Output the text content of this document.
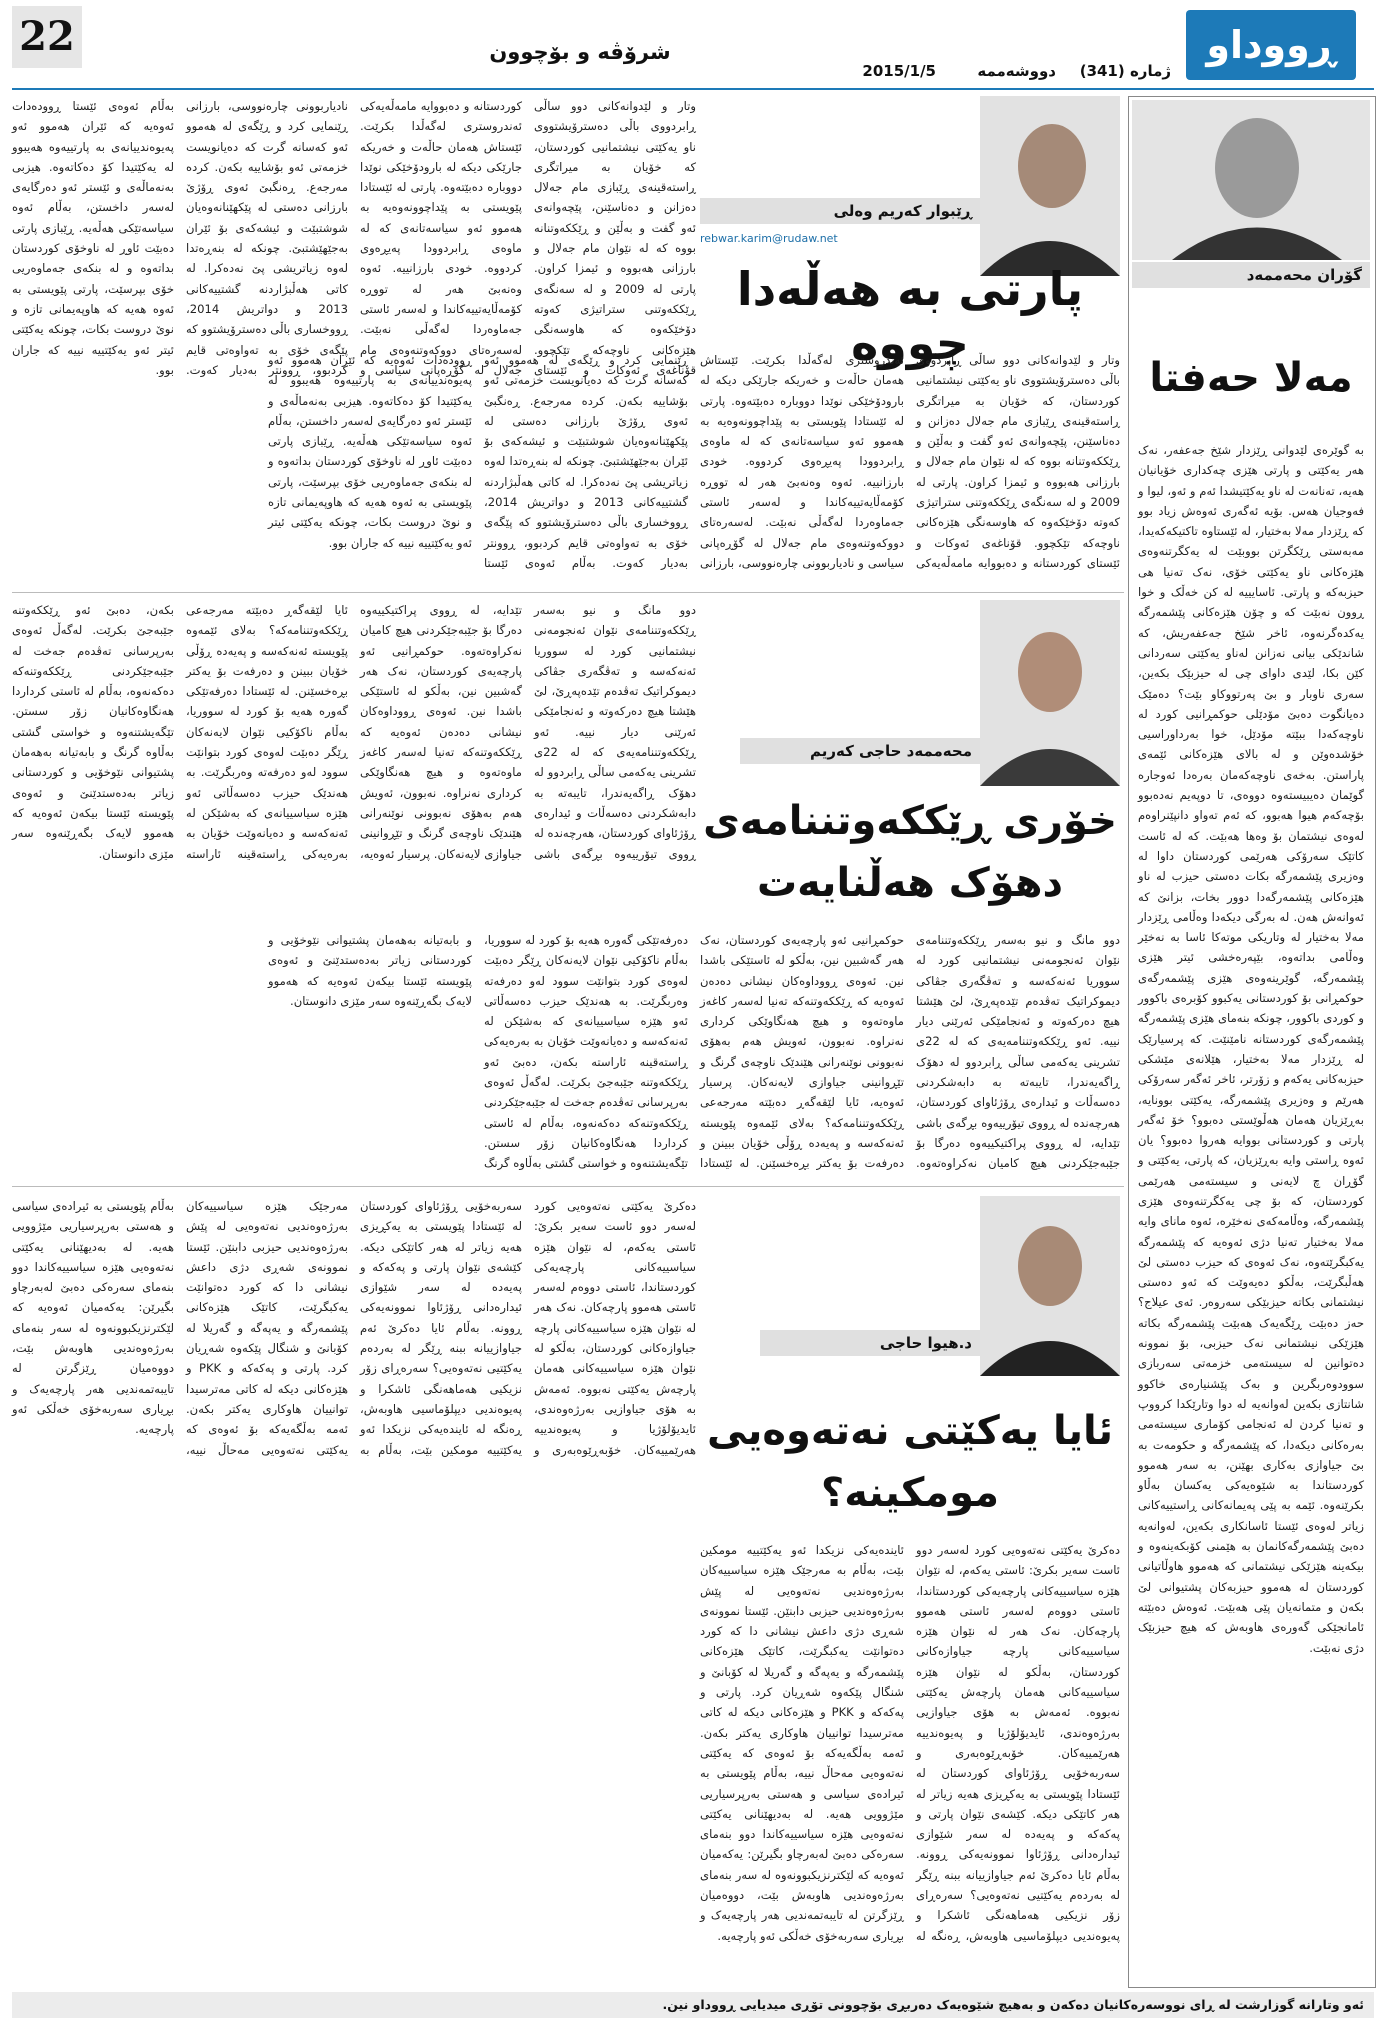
22	شرۆڤە و بۆچوون	ڕووداو
ژمارە (341)
دووشەممە
2015/1/5
گۆران محەممەد
مەلا حەفتا
بە گوێرەی لێدوانی ڕێزدار شێخ جەعفەر، نەک هەر یەکێتی و پارتی هێزی چەکداری خۆیانیان هەیە، تەنانەت لە ناو یەکێتیشدا ئەم و ئەو، لیوا و فەوجیان هەس. بۆیە ئەگەری ئەوەش زیاد بوو کە ڕێزدار مەلا بەختیار، لە ئێستاوە تاکتیکەکەیدا، مەبەستی ڕێکگرتن بووبێت لە یەکگرتنەوەی هێزەکانی ناو یەکێتی خۆی، نەک تەنیا هی حیزبەکە و پارتی. ئاسایییە لە کن خەڵک و خوا ڕوون نەبێت کە و چۆن هێزەکانی پێشمەرگە یەکدەگرنەوە، ئاخر شێخ جەعفەریش، کە شاندێکی بیانی نەزانن لەناو یەکێتی سەردانی کێن بکا، لێدی داوای چی لە حیزبێک بکەین، سەری ناوبار و بێ پەرتووکاو بێت؟ دەمێک دەیانگوت دەبێ مۆدێلی حوکمڕانیی کورد لە ناوچەکەدا ببێتە مۆدێل، خوا بەرداوراسیی خۆشدەوێن و لە بالای هێزەکانی ئێمەی پاراستن. بەخەی ناوچەکەمان بەرەدا ئەوجارە گوێمان دەیبیستەوە دووەی، تا دوپەیم نەدەبوو بۆچەکەم هیوا هەبوو، کە ئەم تەواو دانپێنراوەم لەوەی نیشتمان بۆ وەها هەبێت. کە لە ئاست کاتێک سەرۆکی هەرێمی کوردستان داوا لە وەزیری پێشمەرگە بکات دەستی حیزب لە ناو هێزەکانی پێشمەرگەدا دوور بخات، بزانێ کە ئەوانەش هەن. لە بەرگی دیکەدا وەڵامی ڕێزدار مەلا بەختیار لە وتاریکی موتەکا ئاسا بە نەخێر وەڵامی بداتەوە، بێپەرەخشی ئیتر هێزی پێشمەرگە، گوێرینەوەی هێزی پێشمەرگەی حوکمڕانی بۆ کوردستانی یەکبوو کۆبرەی باکوور و کوردی باکوور، چونکە بنەمای هێزی پێشمەرگە پێشمەرگەی کوردستانە نامێنێت. کە پرسیارێک لە ڕێزدار مەلا بەختیار، هێلانەی مێشکی حیزبەکانی یەکەم و زۆرتر، ئاخر ئەگەر سەرۆکی هەرێم و وەزیری پێشمەرگە، یەکێتی بوونایە، بەڕێزیان هەمان هەڵوێستی دەبوو؟ خۆ ئەگەر پارتی و کوردستانی بووایە هەروا دەبوو؟ یان ئەوە ڕاستی وایە بەڕێزیان، کە پارتی، یەکێتی و گۆڕان چ لایەنی و سیستەمی هەرێمی کوردستان، کە بۆ چی یەکگرتنەوەی هێزی پێشمەرگە، وەڵامەکەی نەخێرە، ئەوە مانای وایە مەلا بەختیار تەنیا دژی ئەوەیە کە پێشمەرگە یەکبگرێتەوە، نەک ئەوەی کە حیزب دەستی لێ هەڵبگرێت، بەڵکو دەیەوێت کە ئەو دەستی نیشتمانی بکاتە حیزبێکی سەروەر. ئەی عیلاج؟ حەز دەبێت ڕێگەیەک هەبێت پێشمەرگە بکاتە هێزێکی نیشتمانی نەک حیزبی، بۆ نموونە دەتوانین لە سیستەمی خزمەتی سەربازی سوودوەربگرین و بەک پێشنیارەی خاکوو شانتازی بکەین لەوانەیە لە دوا وتارێکدا کرووپ و تەنیا کردن لە ئەنجامی کۆماری سیستەمی بەرەکانی دیکەدا، کە پێشمەرگە و حکومەت بە بێ جیاوازی بەکاری بهێنن، بە سەر هەموو کوردستاندا بە شێوەیەکی یەکسان بەڵاو بکرێنەوە. ئێمە بە پێی پەیمانەکانی ڕاستییەکانی زیاتر لەوەی ئێستا ئاسانکاری بکەین، لەوانەیە دەبێ پێشمەرگەکانمان بە هێمنی کۆبکەینەوە و بیکەینە هێزێکی نیشتمانی کە هەموو هاوڵاتیانی کوردستان لە هەموو حیزبەکان پشتیوانی لێ بکەن و متمانەیان پێی هەبێت. ئەوەش دەبێتە ئامانجێکی گەورەی هاوبەش کە هیچ حیزبێک دژی نەبێت.
ڕێبوار کەریم وەلی
rebwar.karim@rudaw.net
پارتی بە هەڵەدا چووە
وتار و لێدوانەکانی دوو ساڵی ڕابردووی باڵی دەسترۆیشتووی ناو یەکێتی نیشتمانیی کوردستان، کە خۆیان بە میراتگری ڕاستەقینەی ڕێبازی مام جەلال دەزانن و دەناسێنن، پێچەوانەی ئەو گفت و بەڵێن و ڕێککەوتنانە بووە کە لە نێوان مام جەلال و بارزانی هەبووە و ئیمزا کراون. پارتی لە 2009 و لە سەنگەی ڕێککەوتنی ستراتیژی کەوتە دۆخێکەوە کە هاوسەنگی هێزەکانی ناوچەکە تێکچوو. قۆناغەی ئەوکات و ئێستای کوردستانە و دەبووایە مامەڵەیەکی ئەندروستری لەگەڵدا بکرێت. ئێستاش هەمان حاڵەت و خەریکە جارێکی دیکە لە بارودۆخێکی نوێدا دووبارە دەبێتەوە. پارتی لە ئێستادا پێویستی بە پێداچوونەوەیە بە هەموو ئەو سیاسەتانەی کە لە ماوەی ڕابردوودا پەیڕەوی کردووە. خودی بارزانییە. ئەوە وەنەبێ هەر لە تووڕە کۆمەڵایەتییەکاندا و لەسەر ئاستی جەماوەردا لەگەڵی نەبێت. لەسەرەتای دووکەوتنەوەی مام جەلال لە گۆڕەپانی سیاسی و نادیاربوونی چارەنووسی، بارزانی ڕێنمایی کرد و ڕێگەی لە هەموو ئەو کەسانە گرت کە دەیانویست خزمەتی ئەو بۆشاییە بکەن. کردە مەرجەع. ڕەنگبێ ئەوی ڕۆژێ بارزانی دەستی لە پێکهێنانەوەیان شوشتبێت و ئیشەکەی بۆ ئێران بەجێهێشتبێ. چونکە لە بنەڕەتدا لەوە زیاتریشی پێ نەدەکرا. لە کاتی هەڵبژاردنە گشتییەکانی 2013 و دواتریش 2014، ڕووخساری باڵی دەسترۆیشتوو کە پێگەی خۆی بە تەواوەتی قایم کردبوو، ڕوونتر بەدیار کەوت. بەڵام ئەوەی ئێستا ڕوودەدات ئەوەیە کە ئێران هەموو ئەو پەیوەندییانەی بە پارتییەوە هەیبوو لە یەکێتیدا کۆ دەکاتەوە. هیزبی بەنەماڵەی و ئێستر ئەو دەرگایەی لەسەر داخستن، بەڵام ئەوە سیاسەتێکی هەڵەیە. ڕێبازی پارتی دەبێت ئاوڕ لە ناوخۆی کوردستان بداتەوە و لە بنکەی جەماوەریی خۆی بپرسێت، پارتی پێویستی بە ئەوە هەیە کە هاوپەیمانی تازە و نوێ دروست بکات، چونکە یەکێتی ئیتر ئەو یەکێتییە نییە کە جاران بوو.
وتار و لێدوانەکانی دوو ساڵی ڕابردووی باڵی دەسترۆیشتووی ناو یەکێتی نیشتمانیی کوردستان، کە خۆیان بە میراتگری ڕاستەقینەی ڕێبازی مام جەلال دەزانن و دەناسێنن، پێچەوانەی ئەو گفت و بەڵێن و ڕێککەوتنانە بووە کە لە نێوان مام جەلال و بارزانی هەبووە و ئیمزا کراون. پارتی لە 2009 و لە سەنگەی ڕێککەوتنی ستراتیژی کەوتە دۆخێکەوە کە هاوسەنگی هێزەکانی ناوچەکە تێکچوو. قۆناغەی ئەوکات و ئێستای کوردستانە و دەبووایە مامەڵەیەکی ئەندروستری لەگەڵدا بکرێت. ئێستاش هەمان حاڵەت و خەریکە جارێکی دیکە لە بارودۆخێکی نوێدا دووبارە دەبێتەوە. پارتی لە ئێستادا پێویستی بە پێداچوونەوەیە بە هەموو ئەو سیاسەتانەی کە لە ماوەی ڕابردوودا پەیڕەوی کردووە. خودی بارزانییە. ئەوە وەنەبێ هەر لە تووڕە کۆمەڵایەتییەکاندا و لەسەر ئاستی جەماوەردا لەگەڵی نەبێت. لەسەرەتای دووکەوتنەوەی مام جەلال لە گۆڕەپانی سیاسی و نادیاربوونی چارەنووسی، بارزانی ڕێنمایی کرد و ڕێگەی لە هەموو ئەو کەسانە گرت کە دەیانویست خزمەتی ئەو بۆشاییە بکەن. کردە مەرجەع. ڕەنگبێ ئەوی ڕۆژێ بارزانی دەستی لە پێکهێنانەوەیان شوشتبێت و ئیشەکەی بۆ ئێران بەجێهێشتبێ. چونکە لە بنەڕەتدا لەوە زیاتریشی پێ نەدەکرا. لە کاتی هەڵبژاردنە گشتییەکانی 2013 و دواتریش 2014، ڕووخساری باڵی دەسترۆیشتوو کە پێگەی خۆی بە تەواوەتی قایم کردبوو، ڕوونتر بەدیار کەوت. بەڵام ئەوەی ئێستا ڕوودەدات ئەوەیە کە ئێران هەموو ئەو پەیوەندییانەی بە پارتییەوە هەیبوو لە یەکێتیدا کۆ دەکاتەوە. هیزبی بەنەماڵەی و ئێستر ئەو دەرگایەی لەسەر داخستن، بەڵام ئەوە سیاسەتێکی هەڵەیە. ڕێبازی پارتی دەبێت ئاوڕ لە ناوخۆی کوردستان بداتەوە و لە بنکەی جەماوەریی خۆی بپرسێت، پارتی پێویستی بە ئەوە هەیە کە هاوپەیمانی تازە و نوێ دروست بکات، چونکە یەکێتی ئیتر ئەو یەکێتییە نییە کە جاران بوو.
محەممەد حاجی کەریم
خۆری ڕێککەوتننامەی دهۆک هەڵنایەت
دوو مانگ و نیو بەسەر ڕێککەوتننامەی نێوان ئەنجومەنی نیشتمانیی کورد لە سووریا ئەنەکەسە و تەڤگەری جڤاکی دیموکراتیک تەڤدەم تێدەپەڕێ، لێ هێشتا هیچ دەرکەوتە و ئەنجامێکی ئەرێنی دیار نییە. ئەو ڕێککەوتننامەیەی کە لە 22ی تشرینی یەکەمی ساڵی ڕابردوو لە دهۆک ڕاگەیەندرا، تایبەتە بە دابەشکردنی دەسەڵات و ئیدارەی ڕۆژئاوای کوردستان، هەرچەندە لە ڕووی تیۆرییەوە بڕگەی باشی تێدایە، لە ڕووی پراکتیکییەوە دەرگا بۆ جێبەجێکردنی هیچ کامیان نەکراوەتەوە. حوکمڕانیی ئەو پارچەیەی کوردستان، نەک هەر گەشبین نین، بەڵکو لە ئاستێکی باشدا نین. ئەوەی ڕووداوەکان نیشانی دەدەن ئەوەیە کە ڕێککەوتنەکە تەنیا لەسەر کاغەز ماوەتەوە و هیچ هەنگاوێکی کرداری نەنراوە. نەبوون، ئەویش هەم بەهۆی نەبوونی نوێنەرانی هێندێک ناوچەی گرنگ و تێڕوانینی جیاوازی لایەنەکان. پرسیار ئەوەیە، ئایا لێقەگەڕ دەبێتە مەرجەعی ڕێککەوتننامەکە؟ بەلای ئێمەوە پێویستە ئەنەکەسە و پەیەدە ڕۆڵی خۆیان ببینن و دەرفەت بۆ یەکتر بڕەخسێنن. لە ئێستادا دەرفەتێکی گەورە هەیە بۆ کورد لە سووریا، بەڵام ناکۆکیی نێوان لایەنەکان ڕێگر دەبێت لەوەی کورد بتوانێت سوود لەو دەرفەتە وەربگرێت. بە هەندێک حیزب دەسەڵاتی ئەو هێزە سیاسییانەی کە بەشێکن لە ئەنەکەسە و دەیانەوێت خۆیان بە بەرەیەکی ڕاستەقینە ئاراستە بکەن، دەبێ ئەو ڕێککەوتنە جێبەجێ بکرێت. لەگەڵ ئەوەی بەرپرسانی تەڤدەم جەخت لە جێبەجێکردنی ڕێککەوتنەکە دەکەنەوە، بەڵام لە ئاستی کرداردا هەنگاوەکانیان زۆر سستن. تێگەیشتنەوە و خواستی گشتی بەڵاوە گرنگ و بابەتیانە بەهەمان پشتیوانی نێوخۆیی و کوردستانی زیاتر بەدەستدێنێ و ئەوەی پێویستە ئێستا بیکەن ئەوەیە کە هەموو لایەک بگەڕێنەوە سەر مێزی دانوستان.
دوو مانگ و نیو بەسەر ڕێککەوتننامەی نێوان ئەنجومەنی نیشتمانیی کورد لە سووریا ئەنەکەسە و تەڤگەری جڤاکی دیموکراتیک تەڤدەم تێدەپەڕێ، لێ هێشتا هیچ دەرکەوتە و ئەنجامێکی ئەرێنی دیار نییە. ئەو ڕێککەوتننامەیەی کە لە 22ی تشرینی یەکەمی ساڵی ڕابردوو لە دهۆک ڕاگەیەندرا، تایبەتە بە دابەشکردنی دەسەڵات و ئیدارەی ڕۆژئاوای کوردستان، هەرچەندە لە ڕووی تیۆرییەوە بڕگەی باشی تێدایە، لە ڕووی پراکتیکییەوە دەرگا بۆ جێبەجێکردنی هیچ کامیان نەکراوەتەوە. حوکمڕانیی ئەو پارچەیەی کوردستان، نەک هەر گەشبین نین، بەڵکو لە ئاستێکی باشدا نین. ئەوەی ڕووداوەکان نیشانی دەدەن ئەوەیە کە ڕێککەوتنەکە تەنیا لەسەر کاغەز ماوەتەوە و هیچ هەنگاوێکی کرداری نەنراوە. نەبوون، ئەویش هەم بەهۆی نەبوونی نوێنەرانی هێندێک ناوچەی گرنگ و تێڕوانینی جیاوازی لایەنەکان. پرسیار ئەوەیە، ئایا لێقەگەڕ دەبێتە مەرجەعی ڕێککەوتننامەکە؟ بەلای ئێمەوە پێویستە ئەنەکەسە و پەیەدە ڕۆڵی خۆیان ببینن و دەرفەت بۆ یەکتر بڕەخسێنن. لە ئێستادا دەرفەتێکی گەورە هەیە بۆ کورد لە سووریا، بەڵام ناکۆکیی نێوان لایەنەکان ڕێگر دەبێت لەوەی کورد بتوانێت سوود لەو دەرفەتە وەربگرێت. بە هەندێک حیزب دەسەڵاتی ئەو هێزە سیاسییانەی کە بەشێکن لە ئەنەکەسە و دەیانەوێت خۆیان بە بەرەیەکی ڕاستەقینە ئاراستە بکەن، دەبێ ئەو ڕێککەوتنە جێبەجێ بکرێت. لەگەڵ ئەوەی بەرپرسانی تەڤدەم جەخت لە جێبەجێکردنی ڕێککەوتنەکە دەکەنەوە، بەڵام لە ئاستی کرداردا هەنگاوەکانیان زۆر سستن. تێگەیشتنەوە و خواستی گشتی بەڵاوە گرنگ و بابەتیانە بەهەمان پشتیوانی نێوخۆیی و کوردستانی زیاتر بەدەستدێنێ و ئەوەی پێویستە ئێستا بیکەن ئەوەیە کە هەموو لایەک بگەڕێنەوە سەر مێزی دانوستان.
د.هیوا حاجی
ئایا یەکێتی نەتەوەیی مومکینە؟
دەکرێ یەکێتی نەتەوەیی کورد لەسەر دوو ئاست سەیر بکرێ: ئاستی یەکەم، لە نێوان هێزە سیاسییەکانی پارچەیەکی کوردستاندا، ئاستی دووەم لەسەر ئاستی هەموو پارچەکان. نەک هەر لە نێوان هێزە سیاسییەکانی پارچە جیاوازەکانی کوردستان، بەڵکو لە نێوان هێزە سیاسییەکانی هەمان پارچەش یەکێتی نەبووە. ئەمەش بە هۆی جیاوازیی بەرژەوەندی، ئایدیۆلۆژیا و پەیوەندییە هەرێمییەکان. خۆبەڕێوەبەری و سەربەخۆیی ڕۆژئاوای کوردستان لە ئێستادا پێویستی بە یەکڕیزی هەیە زیاتر لە هەر کاتێکی دیکە. کێشەی نێوان پارتی و پەکەکە و پەیەدە لە سەر شێوازی ئیدارەدانی ڕۆژئاوا نموونەیەکی ڕوونە. بەڵام ئایا دەکرێ ئەم جیاوازییانە ببنە ڕێگر لە بەردەم یەکێتیی نەتەوەیی؟ سەرەڕای زۆر نزیکیی هەماهەنگی ئاشکرا و پەیوەندیی دیپلۆماسیی هاوبەش، ڕەنگە لە ئایندەیەکی نزیکدا ئەو یەکێتییە مومکین بێت، بەڵام بە مەرجێک هێزە سیاسییەکان بەرژەوەندیی نەتەوەیی لە پێش بەرژەوەندیی حیزبی دابنێن. ئێستا نموونەی شەڕی دژی داعش نیشانی دا کە کورد دەتوانێت یەکبگرێت، کاتێک هێزەکانی پێشمەرگە و یەپەگە و گەریلا لە کۆبانێ و شنگال پێکەوە شەڕیان کرد. پارتی و پەکەکە و PKK و هێزەکانی دیکە لە کاتی مەترسیدا توانییان هاوکاری یەکتر بکەن. ئەمە بەڵگەیەکە بۆ ئەوەی کە یەکێتی نەتەوەیی مەحاڵ نییە، بەڵام پێویستی بە ئیرادەی سیاسی و هەستی بەرپرسیاریی مێژوویی هەیە. لە بەدیهێنانی یەکێتی نەتەوەیی هێزە سیاسییەکاندا دوو بنەمای سەرەکی دەبێ لەبەرچاو بگیرێن: یەکەمیان ئەوەیە کە لێکترنزیکبوونەوە لە سەر بنەمای بەرژەوەندیی هاوبەش بێت، دووەمیان ڕێزگرتن لە تایبەتمەندیی هەر پارچەیەک و بڕیاری سەربەخۆی خەڵکی ئەو پارچەیە.
دەکرێ یەکێتی نەتەوەیی کورد لەسەر دوو ئاست سەیر بکرێ: ئاستی یەکەم، لە نێوان هێزە سیاسییەکانی پارچەیەکی کوردستاندا، ئاستی دووەم لەسەر ئاستی هەموو پارچەکان. نەک هەر لە نێوان هێزە سیاسییەکانی پارچە جیاوازەکانی کوردستان، بەڵکو لە نێوان هێزە سیاسییەکانی هەمان پارچەش یەکێتی نەبووە. ئەمەش بە هۆی جیاوازیی بەرژەوەندی، ئایدیۆلۆژیا و پەیوەندییە هەرێمییەکان. خۆبەڕێوەبەری و سەربەخۆیی ڕۆژئاوای کوردستان لە ئێستادا پێویستی بە یەکڕیزی هەیە زیاتر لە هەر کاتێکی دیکە. کێشەی نێوان پارتی و پەکەکە و پەیەدە لە سەر شێوازی ئیدارەدانی ڕۆژئاوا نموونەیەکی ڕوونە. بەڵام ئایا دەکرێ ئەم جیاوازییانە ببنە ڕێگر لە بەردەم یەکێتیی نەتەوەیی؟ سەرەڕای زۆر نزیکیی هەماهەنگی ئاشکرا و پەیوەندیی دیپلۆماسیی هاوبەش، ڕەنگە لە ئایندەیەکی نزیکدا ئەو یەکێتییە مومکین بێت، بەڵام بە مەرجێک هێزە سیاسییەکان بەرژەوەندیی نەتەوەیی لە پێش بەرژەوەندیی حیزبی دابنێن. ئێستا نموونەی شەڕی دژی داعش نیشانی دا کە کورد دەتوانێت یەکبگرێت، کاتێک هێزەکانی پێشمەرگە و یەپەگە و گەریلا لە کۆبانێ و شنگال پێکەوە شەڕیان کرد. پارتی و پەکەکە و PKK و هێزەکانی دیکە لە کاتی مەترسیدا توانییان هاوکاری یەکتر بکەن. ئەمە بەڵگەیەکە بۆ ئەوەی کە یەکێتی نەتەوەیی مەحاڵ نییە، بەڵام پێویستی بە ئیرادەی سیاسی و هەستی بەرپرسیاریی مێژوویی هەیە. لە بەدیهێنانی یەکێتی نەتەوەیی هێزە سیاسییەکاندا دوو بنەمای سەرەکی دەبێ لەبەرچاو بگیرێن: یەکەمیان ئەوەیە کە لێکترنزیکبوونەوە لە سەر بنەمای بەرژەوەندیی هاوبەش بێت، دووەمیان ڕێزگرتن لە تایبەتمەندیی هەر پارچەیەک و بڕیاری سەربەخۆی خەڵکی ئەو پارچەیە.
ئەو وتارانە گوزارشت لە ڕای نووسەرەکانیان دەکەن و بەهیچ شێوەیەک دەربڕی بۆچوونی تۆڕی میدیایی ڕووداو نین.
